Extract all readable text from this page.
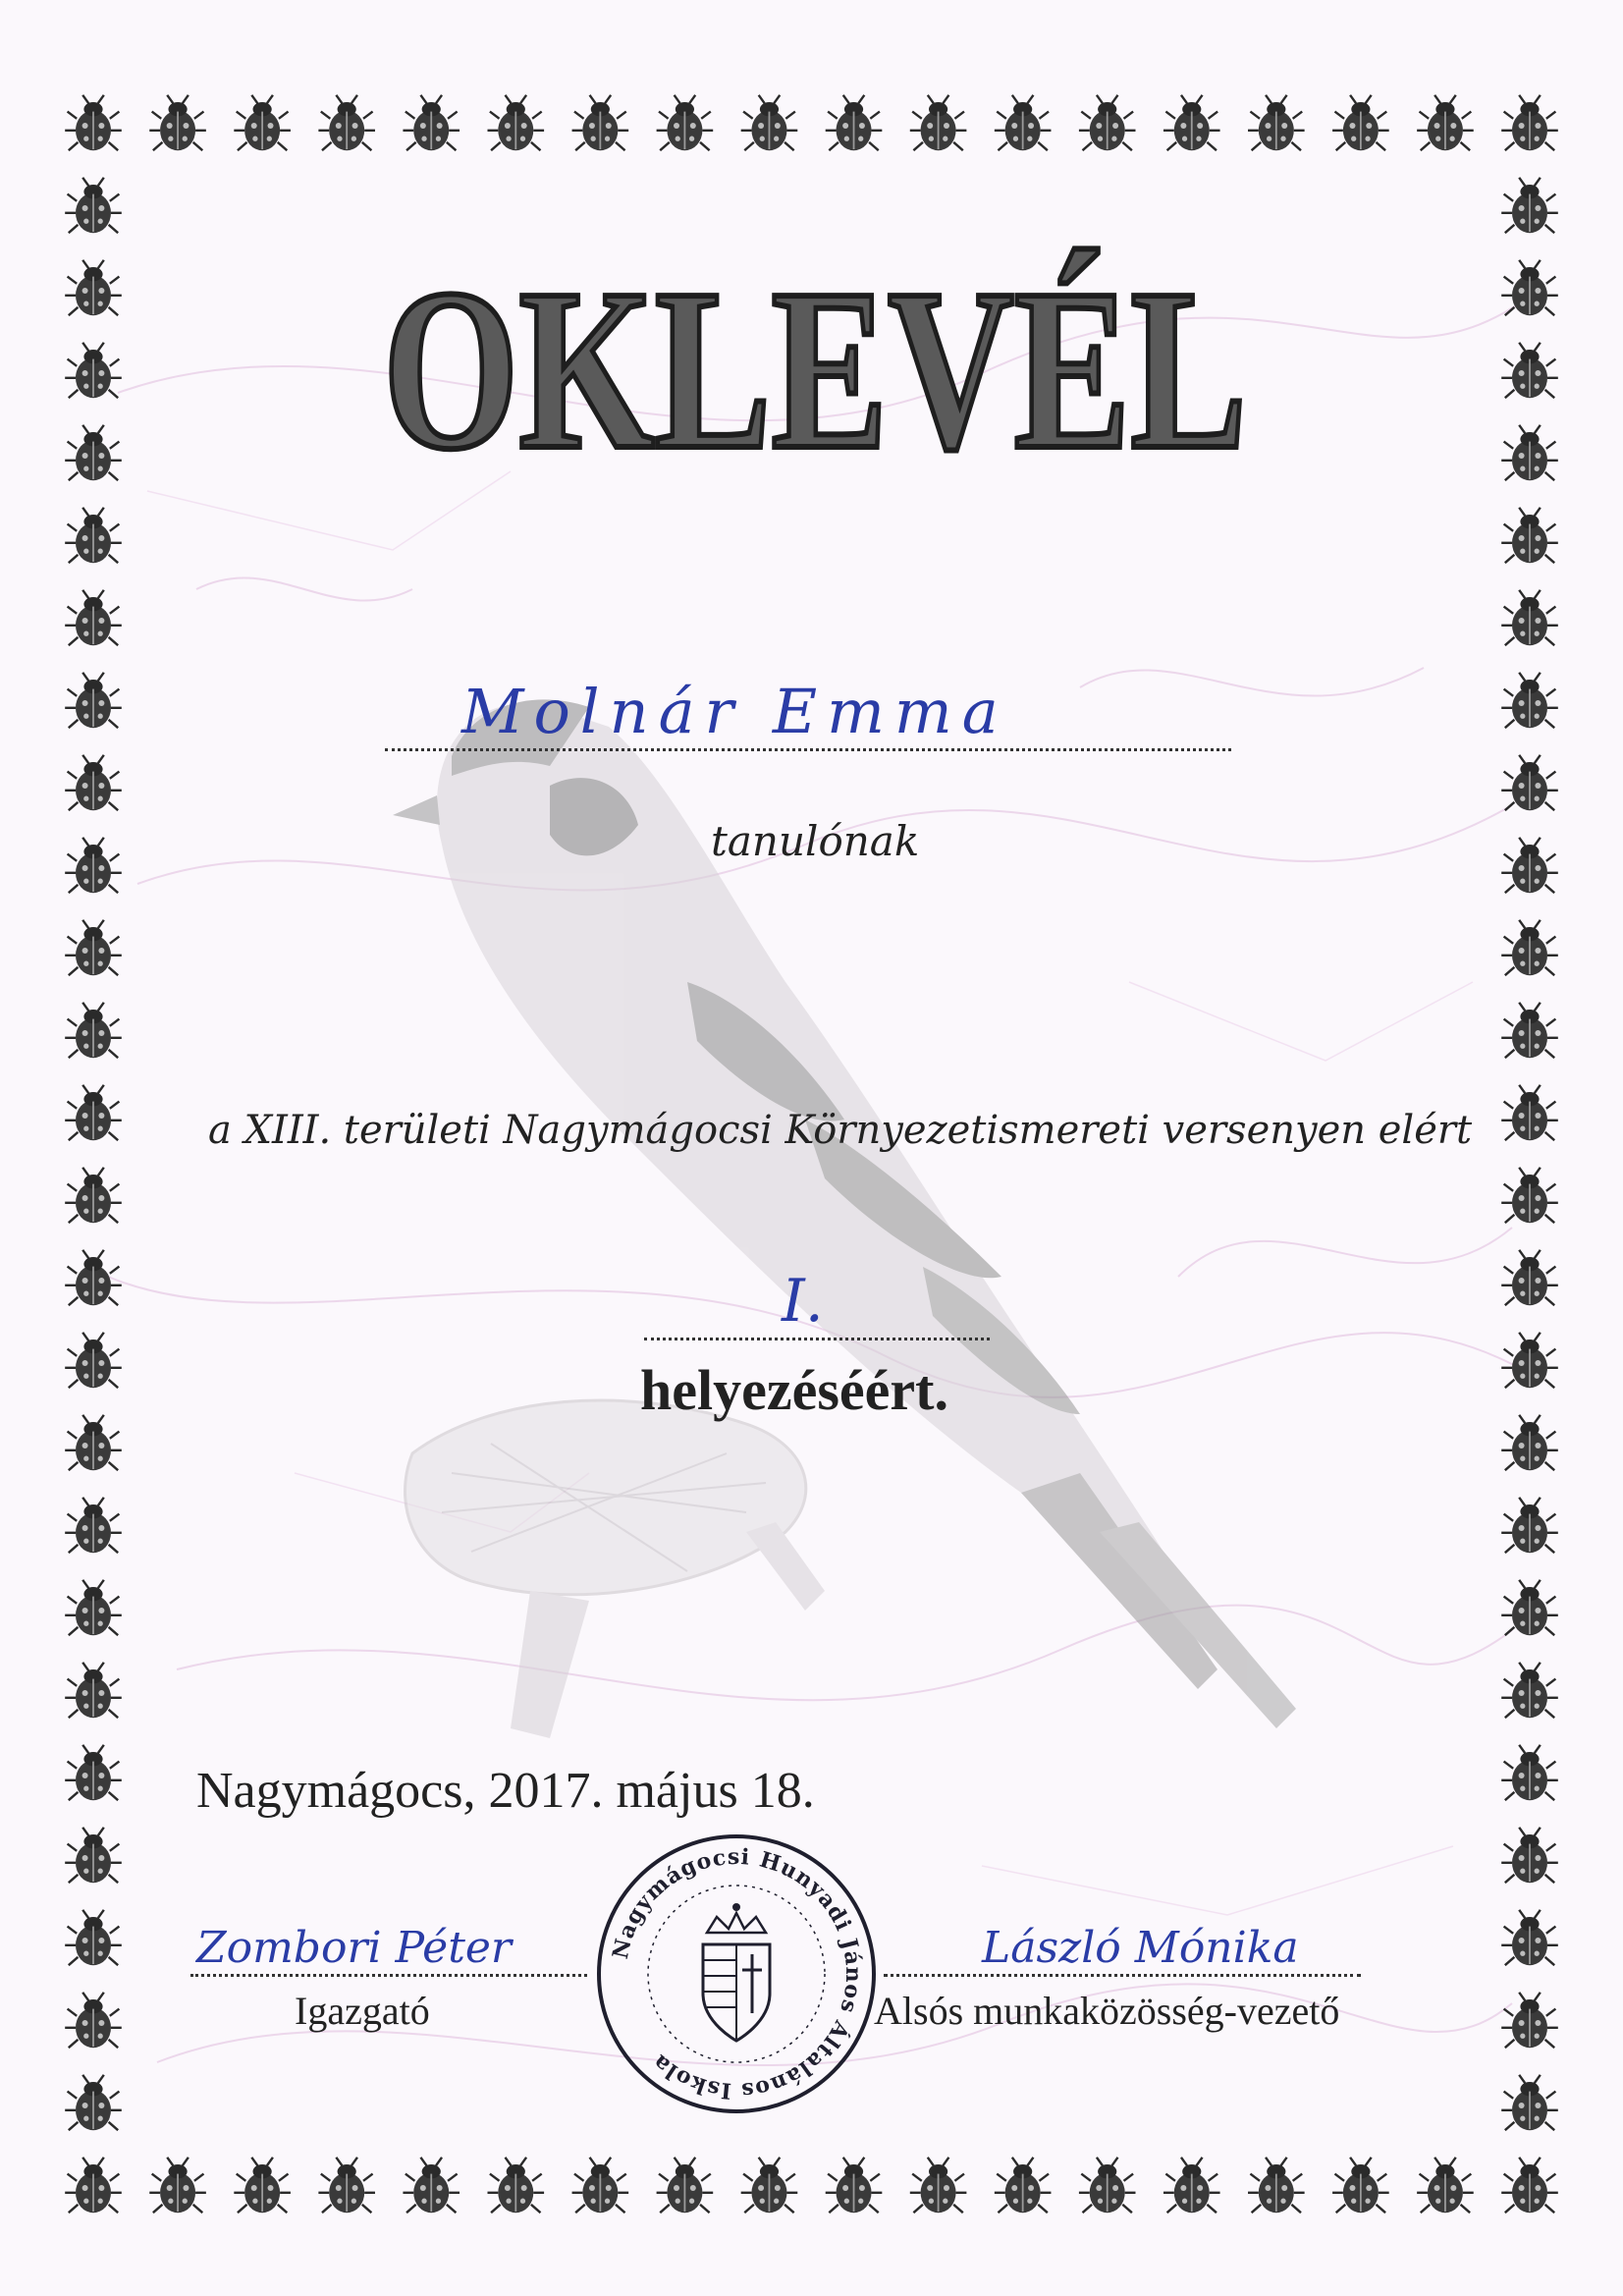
OKLEVÉL
Molnár Emma
tanulónak
a XIII. területi Nagymágocsi Környezetismereti versenyen elért
I.
helyezéséért.
Nagymágocs, 2017. május 18.
Zombori Péter
Igazgató
László Mónika
Alsós munkaközösség-vezető
Nagymágocsi Hunyadi János Általános Iskola
